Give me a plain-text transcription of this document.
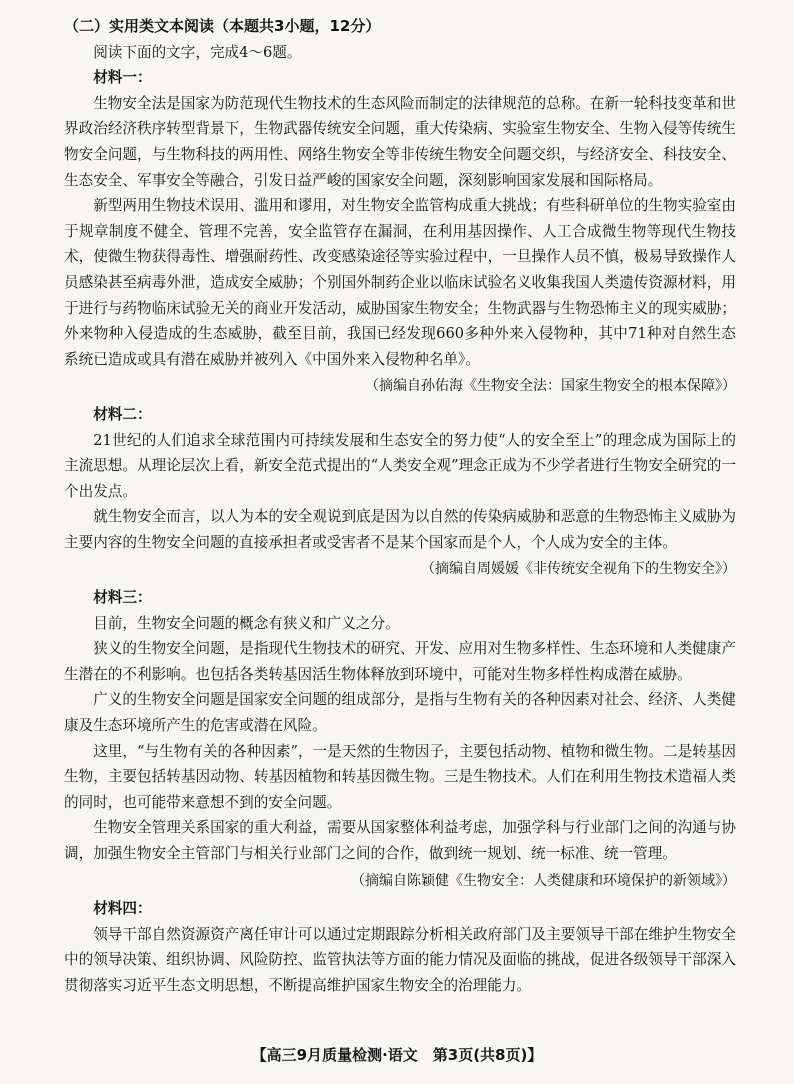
（二）实用类文本阅读（本题共3小题，12分）
阅读下面的文字，完成4～6题。
材料一：

生物安全法是国家为防范现代生物技术的生态风险而制定的法律规范的总称。在新一轮科技变革和世界政治经济秩序转型背景下，生物武器传统安全问题，重大传染病、实验室生物安全、生物入侵等传统生物安全问题，与生物科技的两用性、网络生物安全等非传统生物安全问题交织，与经济安全、科技安全、生态安全、军事安全等融合，引发日益严峻的国家安全问题，深刻影响国家发展和国际格局。

新型两用生物技术误用、滥用和谬用，对生物安全监管构成重大挑战；有些科研单位的生物实验室由于规章制度不健全、管理不完善，安全监管存在漏洞，在利用基因操作、人工合成微生物等现代生物技术，使微生物获得毒性、增强耐药性、改变感染途径等实验过程中，一旦操作人员不慎，极易导致操作人员感染甚至病毒外泄，造成安全威胁；个别国外制药企业以临床试验名义收集我国人类遗传资源材料，用于进行与药物临床试验无关的商业开发活动，威胁国家生物安全；生物武器与生物恐怖主义的现实威胁；外来物种入侵造成的生态威胁，截至目前，我国已经发现660多种外来入侵物种，其中71种对自然生态系统已造成或具有潜在威胁并被列入《中国外来入侵物种名单》。

（摘编自孙佑海《生物安全法：国家生物安全的根本保障》）
材料二：

21世纪的人们追求全球范围内可持续发展和生态安全的努力使“人的安全至上”的理念成为国际上的主流思想。从理论层次上看，新安全范式提出的“人类安全观”理念正成为不少学者进行生物安全研究的一个出发点。

就生物安全而言，以人为本的安全观说到底是因为以自然的传染病威胁和恶意的生物恐怖主义威胁为主要内容的生物安全问题的直接承担者或受害者不是某个国家而是个人，个人成为安全的主体。

（摘编自周媛媛《非传统安全视角下的生物安全》）
材料三：

目前，生物安全问题的概念有狭义和广义之分。

狭义的生物安全问题，是指现代生物技术的研究、开发、应用对生物多样性、生态环境和人类健康产生潜在的不利影响。也包括各类转基因活生物体释放到环境中，可能对生物多样性构成潜在威胁。

广义的生物安全问题是国家安全问题的组成部分，是指与生物有关的各种因素对社会、经济、人类健康及生态环境所产生的危害或潜在风险。

这里，“与生物有关的各种因素”，一是天然的生物因子，主要包括动物、植物和微生物。二是转基因生物，主要包括转基因动物、转基因植物和转基因微生物。三是生物技术。人们在利用生物技术造福人类的同时，也可能带来意想不到的安全问题。

生物安全管理关系国家的重大利益，需要从国家整体利益考虑，加强学科与行业部门之间的沟通与协调，加强生物安全主管部门与相关行业部门之间的合作，做到统一规划、统一标准、统一管理。

（摘编自陈颖健《生物安全：人类健康和环境保护的新领域》）
材料四：

领导干部自然资源资产离任审计可以通过定期跟踪分析相关政府部门及主要领导干部在维护生物安全中的领导决策、组织协调、风险防控、监管执法等方面的能力情况及面临的挑战，促进各级领导干部深入贯彻落实习近平生态文明思想，不断提高维护国家生物安全的治理能力。

【高三9月质量检测·语文　第3页(共8页)】
